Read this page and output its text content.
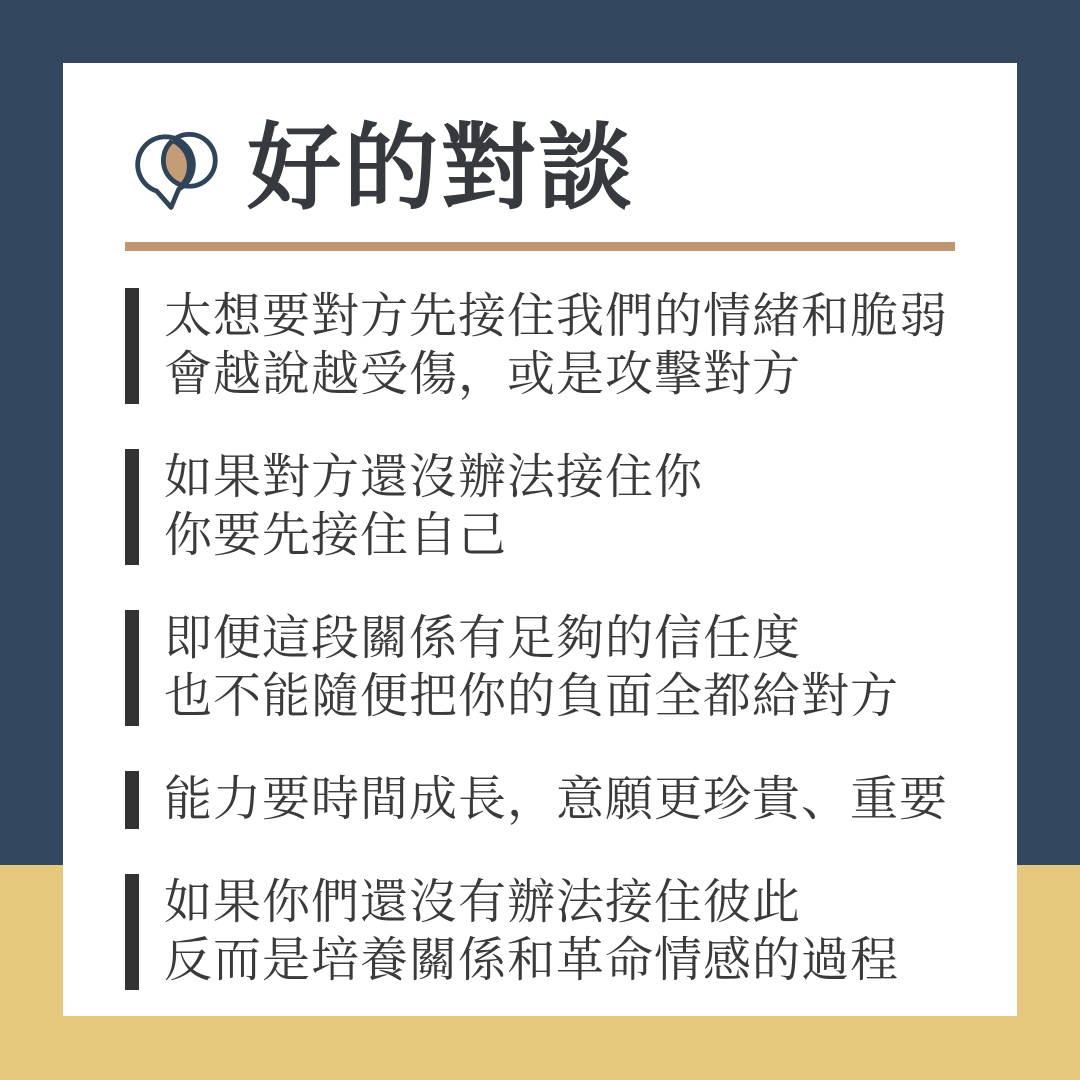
好的對談
太想要對方先接住我們的情緒和脆弱
會越說越受傷，或是攻擊對方
如果對方還沒辦法接住你
你要先接住自己
即便這段關係有足夠的信任度
也不能隨便把你的負面全都給對方
能力要時間成長，意願更珍貴、重要
如果你們還沒有辦法接住彼此
反而是培養關係和革命情感的過程
